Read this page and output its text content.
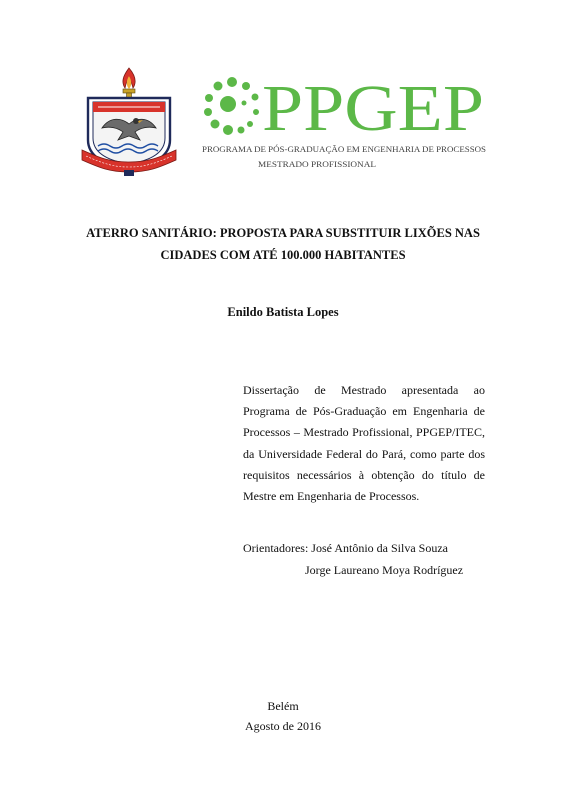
PPGEP
PROGRAMA DE PÓS-GRADUAÇÃO EM ENGENHARIA DE PROCESSOS
MESTRADO PROFISSIONAL
ATERRO SANITÁRIO: PROPOSTA PARA SUBSTITUIR LIXÕES NAS
CIDADES COM ATÉ 100.000 HABITANTES
Enildo Batista Lopes
Dissertação de Mestrado apresentada ao Programa de Pós-Graduação em Engenharia de Processos – Mestrado Profissional, PPGEP/ITEC, da Universidade Federal do Pará, como parte dos requisitos necessários à obtenção do título de Mestre em Engenharia de Processos.
Orientadores: José Antônio da Silva Souza
Jorge Laureano Moya Rodríguez
Belém
Agosto de 2016
